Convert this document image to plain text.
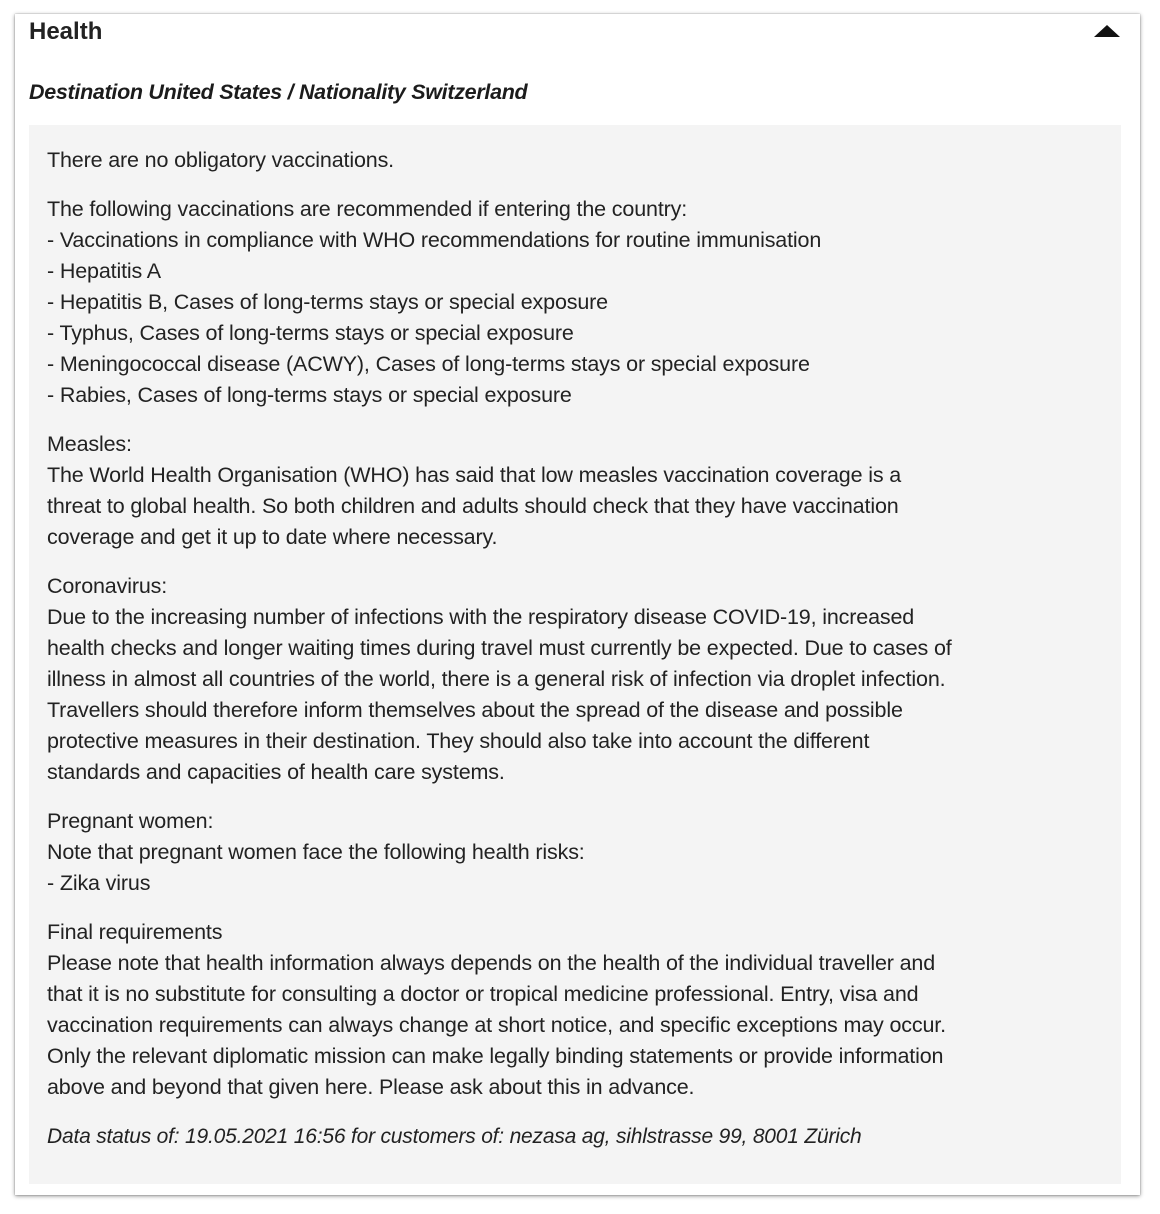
Health
Destination United States / Nationality Switzerland
There are no obligatory vaccinations.
The following vaccinations are recommended if entering the country:
- Vaccinations in compliance with WHO recommendations for routine immunisation
- Hepatitis A
- Hepatitis B, Cases of long-terms stays or special exposure
- Typhus, Cases of long-terms stays or special exposure
- Meningococcal disease (ACWY), Cases of long-terms stays or special exposure
- Rabies, Cases of long-terms stays or special exposure
Measles:
The World Health Organisation (WHO) has said that low measles vaccination coverage is a
threat to global health. So both children and adults should check that they have vaccination
coverage and get it up to date where necessary.
Coronavirus:
Due to the increasing number of infections with the respiratory disease COVID-19, increased
health checks and longer waiting times during travel must currently be expected. Due to cases of
illness in almost all countries of the world, there is a general risk of infection via droplet infection.
Travellers should therefore inform themselves about the spread of the disease and possible
protective measures in their destination. They should also take into account the different
standards and capacities of health care systems.
Pregnant women:
Note that pregnant women face the following health risks:
- Zika virus
Final requirements
Please note that health information always depends on the health of the individual traveller and
that it is no substitute for consulting a doctor or tropical medicine professional. Entry, visa and
vaccination requirements can always change at short notice, and specific exceptions may occur.
Only the relevant diplomatic mission can make legally binding statements or provide information
above and beyond that given here. Please ask about this in advance.
Data status of: 19.05.2021 16:56 for customers of: nezasa ag, sihlstrasse 99, 8001 Zürich
